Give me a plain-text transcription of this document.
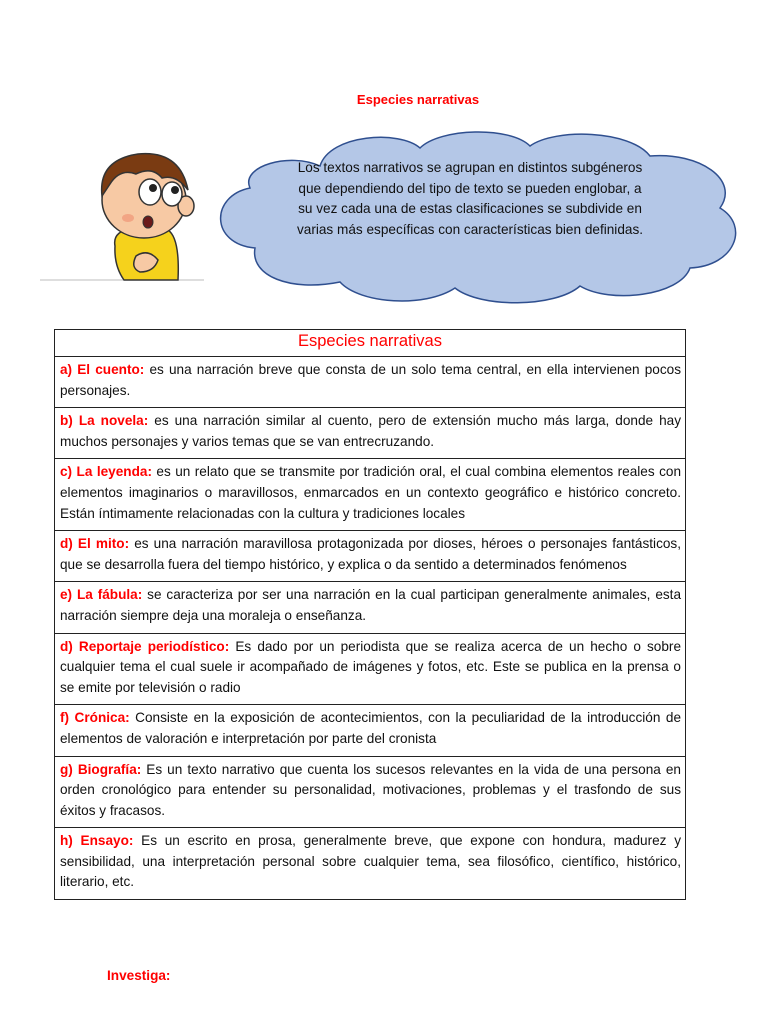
Especies narrativas
Los textos narrativos se agrupan en distintos subgéneros que dependiendo del tipo de texto se pueden englobar, a su vez cada una de estas clasificaciones se subdivide en varias más específicas con características bien definidas.
Especies narrativas
a) El cuento: es una narración breve que consta de un solo tema central, en ella intervienen pocos personajes.
b) La novela: es una narración similar al cuento, pero de extensión mucho más larga, donde hay muchos personajes y varios temas que se van entrecruzando.
c) La leyenda: es un relato que se transmite por tradición oral, el cual combina elementos reales con elementos imaginarios o maravillosos, enmarcados en un contexto geográfico e histórico concreto. Están íntimamente relacionadas con la cultura y tradiciones locales
d) El mito: es una narración maravillosa protagonizada por dioses, héroes o personajes fantásticos, que se desarrolla fuera del tiempo histórico, y explica o da sentido a determinados fenómenos
e) La fábula: se caracteriza por ser una narración en la cual participan generalmente animales, esta narración siempre deja una moraleja o enseñanza.
d) Reportaje periodístico: Es dado por un periodista que se realiza acerca de un hecho o sobre cualquier tema el cual suele ir acompañado de imágenes y fotos, etc. Este se publica en la prensa o se emite por televisión o radio
f) Crónica: Consiste en la exposición de acontecimientos, con la peculiaridad de la introducción de elementos de valoración e interpretación por parte del cronista
g) Biografía: Es un texto narrativo que cuenta los sucesos relevantes en la vida de una persona en orden cronológico para entender su personalidad, motivaciones, problemas y el trasfondo de sus éxitos y fracasos.
h) Ensayo: Es un escrito en prosa, generalmente breve, que expone con hondura, madurez y sensibilidad, una interpretación personal sobre cualquier tema, sea filosófico, científico, histórico, literario, etc.
Investiga:
